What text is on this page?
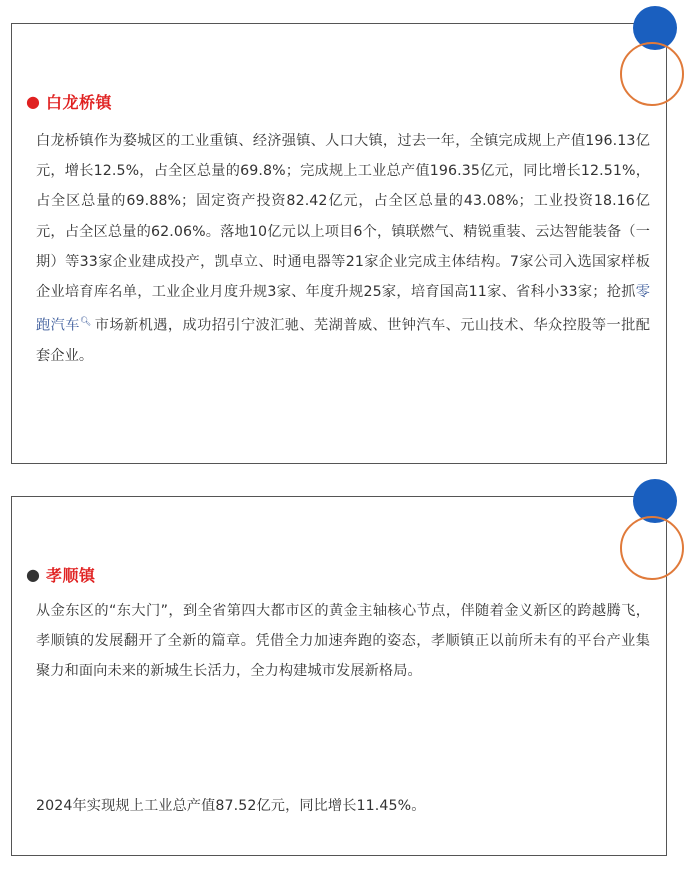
● 白龙桥镇

白龙桥镇作为婺城区的工业重镇、经济强镇、人口大镇，过去一年，全镇完成规上产值196.13亿元，增长12.5%，占全区总量的69.8%；完成规上工业总产值196.35亿元，同比增长12.51%，占全区总量的69.88%；固定资产投资82.42亿元，占全区总量的43.08%；工业投资18.16亿元，占全区总量的62.06%。落地10亿元以上项目6个，镇联燃气、精锐重装、云达智能装备（一期）等33家企业建成投产，凯卓立、时通电器等21家企业完成主体结构。7家公司入选国家样板企业培育库名单，工业企业月度升规3家、年度升规25家，培育国高11家、省科小33家；抢抓零跑汽车🔍︎ 市场新机遇，成功招引宁波汇驰、芜湖普威、世钟汽车、元山技术、华众控股等一批配套企业。

● 孝顺镇

从金东区的“东大门”，到全省第四大都市区的黄金主轴核心节点，伴随着金义新区的跨越腾飞，孝顺镇的发展翻开了全新的篇章。凭借全力加速奔跑的姿态，孝顺镇正以前所未有的平台产业集聚力和面向未来的新城生长活力，全力构建城市发展新格局。

2024年实现规上工业总产值87.52亿元，同比增长11.45%。
